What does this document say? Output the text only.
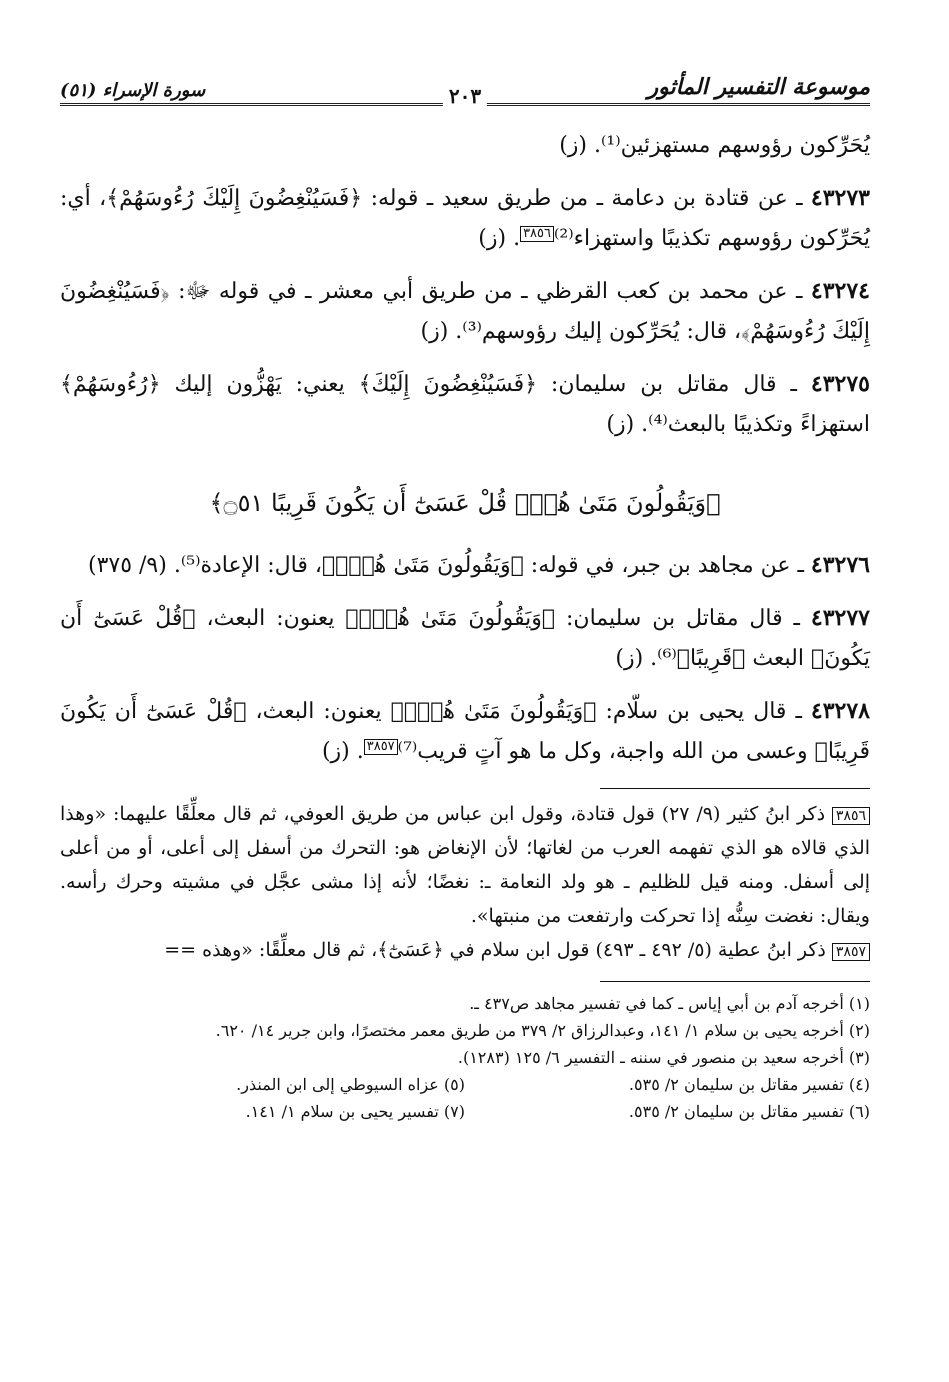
موسوعة التفسير المأثور
٢٠٣
سورة الإسراء (٥١)
يُحَرِّكون رؤوسهم مستهزئين⁽¹⁾. (ز)
٤٣٢٧٣ ـ عن قتادة بن دعامة ـ من طريق سعيد ـ قوله: ﴿فَسَيُنْغِضُونَ إِلَيْكَ رُءُوسَهُمْ﴾، أي: يُحَرِّكون رؤوسهم تكذيبًا واستهزاء⁽²⁾٣٨٥٦. (ز)
٤٣٢٧٤ ـ عن محمد بن كعب القرظي ـ من طريق أبي معشر ـ في قوله ﷻ: ﴿فَسَيُنْغِضُونَ إِلَيْكَ رُءُوسَهُمْ﴾، قال: يُحَرِّكون إليك رؤوسهم⁽³⁾. (ز)
٤٣٢٧٥ ـ قال مقاتل بن سليمان: ﴿فَسَيُنْغِضُونَ إِلَيْكَ﴾ يعني: يَهْزُّون إليك ﴿رُءُوسَهُمْ﴾ استهزاءً وتكذيبًا بالبعث⁽⁴⁾. (ز)
﴿وَيَقُولُونَ مَتَىٰ هُوَۖ قُلْ عَسَىٰٓ أَن يَكُونَ قَرِيبًا ۝٥١﴾
٤٣٢٧٦ ـ عن مجاهد بن جبر، في قوله: ﴿وَيَقُولُونَ مَتَىٰ هُوَۖ﴾، قال: الإعادة⁽⁵⁾. (٩/ ٣٧٥)
٤٣٢٧٧ ـ قال مقاتل بن سليمان: ﴿وَيَقُولُونَ مَتَىٰ هُوَۖ﴾ يعنون: البعث، ﴿قُلْ عَسَىٰٓ أَن يَكُونَ﴾ البعث ﴿قَرِيبًا﴾⁽⁶⁾. (ز)
٤٣٢٧٨ ـ قال يحيى بن سلّام: ﴿وَيَقُولُونَ مَتَىٰ هُوَۖ﴾ يعنون: البعث، ﴿قُلْ عَسَىٰٓ أَن يَكُونَ قَرِيبًا﴾ وعسى من الله واجبة، وكل ما هو آتٍ قريب⁽⁷⁾٣٨٥٧. (ز)
٣٨٥٦ ذكر ابنُ كثير (٩/ ٢٧) قول قتادة، وقول ابن عباس من طريق العوفي، ثم قال معلِّقًا عليهما: «وهذا الذي قالاه هو الذي تفهمه العرب من لغاتها؛ لأن الإنغاض هو: التحرك من أسفل إلى أعلى، أو من أعلى إلى أسفل. ومنه قيل للظليم ـ هو ولد النعامة ـ: نغضًا؛ لأنه إذا مشى عجَّل في مشيته وحرك رأسه. ويقال: نغضت سِنُّه إذا تحركت وارتفعت من منبتها».
٣٨٥٧ ذكر ابنُ عطية (٥/ ٤٩٢ ـ ٤٩٣) قول ابن سلام في ﴿عَسَىٰٓ﴾، ثم قال معلِّقًا: «وهذه ==
(١) أخرجه آدم بن أبي إياس ـ كما في تفسير مجاهد ص٤٣٧ ـ.
(٢) أخرجه يحيى بن سلام ١/ ١٤١، وعبدالرزاق ٢/ ٣٧٩ من طريق معمر مختصرًا، وابن جرير ١٤/ ٦٢٠.
(٣) أخرجه سعيد بن منصور في سننه ـ التفسير ٦/ ١٢٥ (١٢٨٣).
(٤) تفسير مقاتل بن سليمان ٢/ ٥٣٥.
(٥) عزاه السيوطي إلى ابن المنذر.
(٦) تفسير مقاتل بن سليمان ٢/ ٥٣٥.
(٧) تفسير يحيى بن سلام ١/ ١٤١.
